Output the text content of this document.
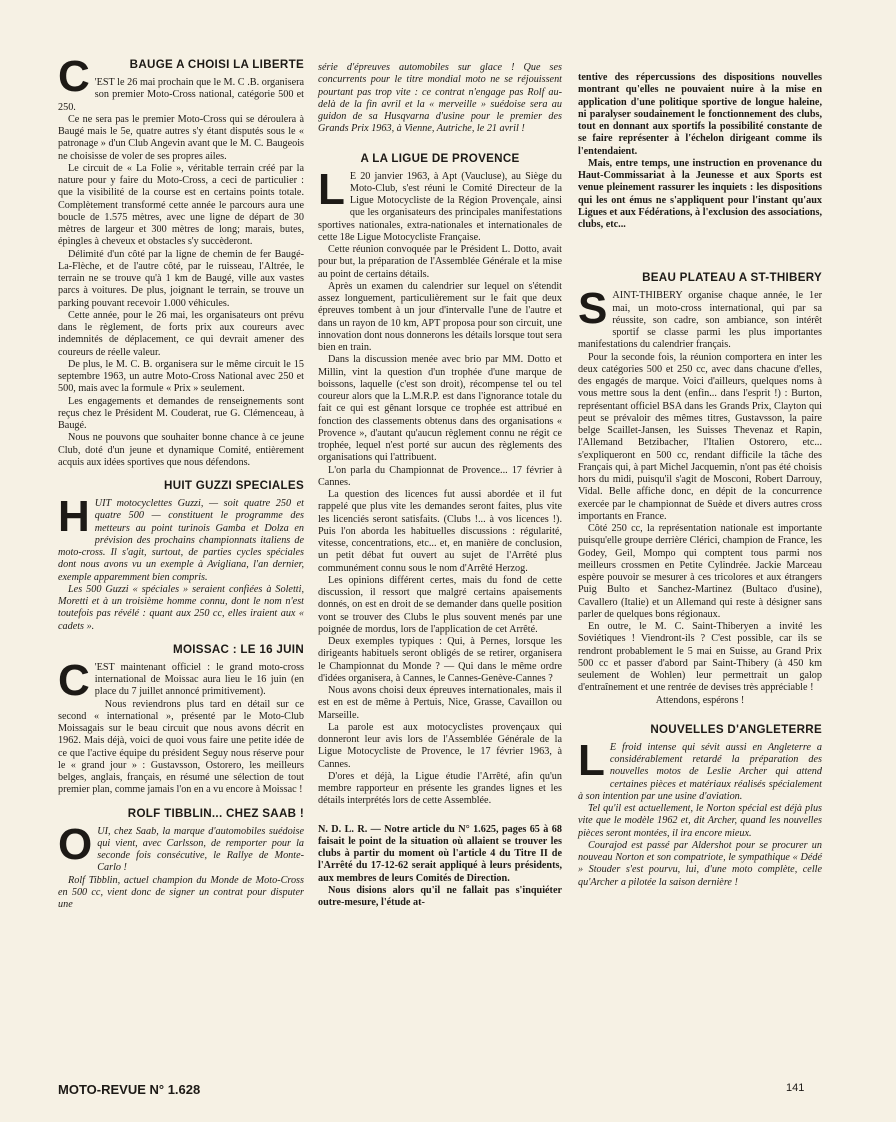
C	BAUGE A CHOISI LA LIBERTE

'EST le 26 mai prochain que le M. C .B. organisera son premier Moto-Cross national, catégorie 500 et 250.

Ce ne sera pas le premier Moto-Cross qui se déroulera à Baugé mais le 5e, quatre autres s'y étant disputés sous le « patronage » d'un Club Angevin avant que le M. C. Baugeois ne choisisse de voler de ses propres ailes.

Le circuit de « La Folie », véritable terrain créé par la nature pour y faire du Moto-Cross, a ceci de particulier : que la visibilité de la course est en certains points totale. Complètement transformé cette année le parcours aura une boucle de 1.575 mètres, avec une ligne de départ de 30 mètres de largeur et 300 mètres de long; marais, butes, épingles à cheveux et obstacles s'y succèderont.

Délimité d'un côté par la ligne de chemin de fer Baugé-La-Flèche, et de l'autre côté, par le ruisseau, l'Altrée, le terrain ne se trouve qu'à 1 km de Baugé, ville aux vastes parcs à voitures. De plus, joignant le terrain, se trouve un parking pouvant recevoir 1.000 véhicules.

Cette année, pour le 26 mai, les organisateurs ont prévu dans le règlement, de forts prix aux coureurs avec indemnités de déplacement, ce qui devrait amener des coureurs de réelle valeur.

De plus, le M. C. B. organisera sur le même circuit le 15 septembre 1963, un autre Moto-Cross National avec 250 et 500, mais avec la formule « Prix » seulement.

Les engagements et demandes de renseignements sont reçus chez le Président M. Couderat, rue G. Clémenceau, à Baugé.

Nous ne pouvons que souhaiter bonne chance à ce jeune Club, doté d'un jeune et dynamique Comité, entièrement acquis aux idées sportives que nous défendons.

HUIT GUZZI SPECIALES
H UIT motocyclettes Guzzi, — soit quatre 250 et quatre 500 — constituent le programme des metteurs au point turinois Gamba et Dolza en prévision des prochains championnats italiens de moto-cross. Il s'agit, surtout, de parties cycles spéciales dont nous avons vu un exemple à Avigliana, l'an dernier, exemple apparemment bien compris.

Les 500 Guzzi « spéciales » seraient confiées à Soletti, Moretti et à un troisième homme connu, dont le nom n'est toutefois pas révélé : quant aux 250 cc, elles iraient aux « cadets ».

MOISSAC : LE 16 JUIN
C 'EST maintenant officiel : le grand moto-cross international de Moissac aura lieu le 16 juin (en place du 7 juillet annoncé primitivement).

Nous reviendrons plus tard en détail sur ce second « international », présenté par le Moto-Club Moissagais sur le beau circuit que nous avons décrit en 1962. Mais déjà, voici de quoi vous faire une petite idée de ce que l'active équipe du président Seguy nous réserve pour le « grand jour » : Gustavsson, Ostorero, les meilleurs belges, anglais, français, en résumé une sélection de tout premier plan, comme jamais l'on en a vu encore à Moissac !

ROLF TIBBLIN... CHEZ SAAB !
O UI, chez Saab, la marque d'automobiles suédoise qui vient, avec Carlsson, de remporter pour la seconde fois consécutive, le Rallye de Monte-Carlo !

Rolf Tibblin, actuel champion du Monde de Moto-Cross en 500 cc, vient donc de signer un contrat pour disputer une

série d'épreuves automobiles sur glace ! Que ses concurrents pour le titre mondial moto ne se réjouissent pourtant pas trop vite : ce contrat n'engage pas Rolf au-delà de la fin avril et la « merveille » suédoise sera au guidon de sa Husqvarna d'usine pour le premier des Grands Prix 1963, à Vienne, Autriche, le 21 avril !

A LA LIGUE DE PROVENCE
L E 20 janvier 1963, à Apt (Vaucluse), au Siège du Moto-Club, s'est réuni le Comité Directeur de la Ligue Motocycliste de la Région Provençale, ainsi que les organisateurs des principales manifestations sportives nationales, extra-nationales et internationales de cette 18e Ligue Motocycliste Française.

Cette réunion convoquée par le Président L. Dotto, avait pour but, la préparation de l'Assemblée Générale et la mise au point de certains détails.

Après un examen du calendrier sur lequel on s'étendit assez longuement, particulièrement sur le fait que deux épreuves tombent à un jour d'intervalle l'une de l'autre et dans un rayon de 10 km, APT proposa pour son circuit, une innovation dont nous donnerons les détails lorsque tout sera bien en train.

Dans la discussion menée avec brio par MM. Dotto et Millin, vint la question d'un trophée d'une marque de boissons, laquelle (c'est son droit), récompense tel ou tel coureur alors que la L.M.R.P. est dans l'ignorance totale du fait ce qui est gênant lorsque ce trophée est attribué en fonction des classements obtenus dans des organisations « Provence », d'autant qu'aucun règlement connu ne régit ce trophée, lequel n'est porté sur aucun des règlements des organisations qui l'attribuent.

L'on parla du Championnat de Provence... 17 février à Cannes.

La question des licences fut aussi abordée et il fut rappelé que plus vite les demandes seront faites, plus vite les licenciés seront satisfaits. (Clubs !... à vos licences !). Puis l'on aborda les habituelles discussions : régularité, vitesse, concentrations, etc... et, en manière de conclusion, un petit débat fut ouvert au sujet de l'Arrêté plus communément connu sous le nom d'Arrêté Herzog.

Les opinions différent certes, mais du fond de cette discussion, il ressort que malgré certains apaisements donnés, on est en droit de se demander dans quelle position vont se trouver des Clubs le plus souvent menés par une poignée de mordus, lors de l'application de cet Arrêté.

Deux exemples typiques : Qui, à Pernes, lorsque les dirigeants habituels seront obligés de se retirer, organisera le Championnat du Monde ? — Qui dans le même ordre d'idées organisera, à Cannes, le Cannes-Genève-Cannes ?

Nous avons choisi deux épreuves internationales, mais il est en est de même à Pertuis, Nice, Grasse, Cavaillon ou Marseille.

La parole est aux motocyclistes provençaux qui donneront leur avis lors de l'Assemblée Générale de la Ligue Motocycliste de Provence, le 17 février 1963, à Cannes.

D'ores et déjà, la Ligue étudie l'Arrêté, afin qu'un membre rapporteur en présente les grandes lignes et les détails interprétés lors de cette Assemblée.

N. D. L. R. — Notre article du N° 1.625, pages 65 à 68 faisait le point de la situation où allaient se trouver les clubs à partir du moment où l'article 4 du Titre II de l'Arrêté du 17-12-62 serait appliqué à leurs présidents, aux membres de leurs Comités de Direction.

Nous disions alors qu'il ne fallait pas s'inquiéter outre-mesure, l'étude at-

tentive des répercussions des dispositions nouvelles montrant qu'elles ne pouvaient nuire à la mise en application d'une politique sportive de longue haleine, ni paralyser soudainement le fonctionnement des clubs, tout en donnant aux sportifs la possibilité constante de se faire représenter à l'échelon dirigeant comme ils l'entendaient.

Mais, entre temps, une instruction en provenance du Haut-Commissariat à la Jeunesse et aux Sports est venue pleinement rassurer les inquiets : les dispositions qui les ont émus ne s'appliquent pour l'instant qu'aux Ligues et aux Fédérations, à l'exclusion des associations, clubs, etc...

BEAU PLATEAU A ST-THIBERY
S AINT-THIBERY organise chaque année, le 1er mai, un moto-cross international, qui par sa réussite, son cadre, son ambiance, son intérêt sportif se classe parmi les plus importantes manifestations du calendrier français.

Pour la seconde fois, la réunion comportera en inter les deux catégories 500 et 250 cc, avec dans chacune d'elles, des engagés de marque. Voici d'ailleurs, quelques noms à vous mettre sous la dent (enfin... dans l'esprit !) : Burton, représentant officiel BSA dans les Grands Prix, Clayton qui peut se prévaloir des mêmes titres, Gustavsson, la paire belge Scaillet-Jansen, les Suisses Thevenaz et Rapin, l'Allemand Betzibacher, l'Italien Ostorero, etc... s'expliqueront en 500 cc, rendant difficile la tâche des Français qui, à part Michel Jacquemin, n'ont pas été choisis hors du midi, puisqu'il s'agit de Mosconi, Robert Darrouy, Vidal. Belle affiche donc, en dépit de la concurrence exercée par le championnat de Suède et divers autres cross importants en France.

Côté 250 cc, la représentation nationale est importante puisqu'elle groupe derrière Clérici, champion de France, les Godey, Geil, Mompo qui comptent tous parmi nos meilleurs crossmen en Petite Cylindrée. Jackie Marceau espère pouvoir se mesurer à ces tricolores et aux étrangers Puig Bulto et Sanchez-Martinez (Bultaco d'usine), Cavallero (Italie) et un Allemand qui reste à désigner sans parler de quelques bons régionaux.

En outre, le M. C. Saint-Thiberyen a invité les Soviétiques ! Viendront-ils ? C'est possible, car ils se rendront probablement le 5 mai en Suisse, au Grand Prix 500 cc et passer d'abord par Saint-Thibery (à 450 km seulement de Wohlen) leur permettrait un galop d'entraînement et une rentrée de devises très appréciable !

Attendons, espérons !

NOUVELLES D'ANGLETERRE
L E froid intense qui sévit aussi en Angleterre a considérablement retardé la préparation des nouvelles motos de Leslie Archer qui attend certaines pièces et matériaux réalisés spécialement à son intention par une usine d'aviation.

Tel qu'il est actuellement, le Norton spécial est déjà plus vite que le modèle 1962 et, dit Archer, quand les nouvelles pièces seront montées, il ira encore mieux.

Courajod est passé par Aldershot pour se procurer un nouveau Norton et son compatriote, le sympathique « Dédé » Stouder s'est pourvu, lui, d'une moto complète, celle qu'Archer a pilotée la saison dernière !

MOTO-REVUE N° 1.628	141
